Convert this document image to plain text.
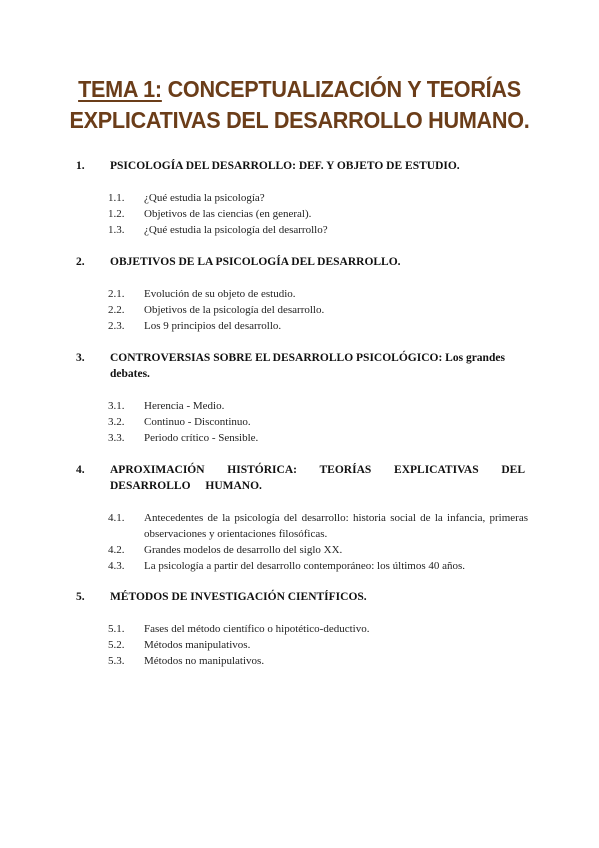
TEMA 1: CONCEPTUALIZACIÓN Y TEORÍAS
EXPLICATIVAS DEL DESARROLLO HUMANO.
1. PSICOLOGÍA DEL DESARROLLO: DEF. Y OBJETO DE ESTUDIO.
1.1.	¿Qué estudia la psicología?
1.2.	Objetivos de las ciencias (en general).
1.3.	¿Qué estudia la psicología del desarrollo?
2. OBJETIVOS DE LA PSICOLOGÍA DEL DESARROLLO.
2.1.	Evolución de su objeto de estudio.
2.2.	Objetivos de la psicología del desarrollo.
2.3.	Los 9 principios del desarrollo.
3. CONTROVERSIAS SOBRE EL DESARROLLO PSICOLÓGICO: Los grandes debates.
3.1.	Herencia - Medio.
3.2.	Continuo - Discontinuo.
3.3.	Periodo crítico - Sensible.
4. APROXIMACIÓN HISTÓRICA: TEORÍAS EXPLICATIVAS DEL DESARROLLO HUMANO.
4.1.	Antecedentes de la psicología del desarrollo: historia social de la infancia, primeras observaciones y orientaciones filosóficas.
4.2.	Grandes modelos de desarrollo del siglo XX.
4.3.	La psicología a partir del desarrollo contemporáneo: los últimos 40 años.
5. MÉTODOS DE INVESTIGACIÓN CIENTÍFICOS.
5.1.	Fases del método científico o hipotético-deductivo.
5.2.	Métodos manipulativos.
5.3.	Métodos no manipulativos.
